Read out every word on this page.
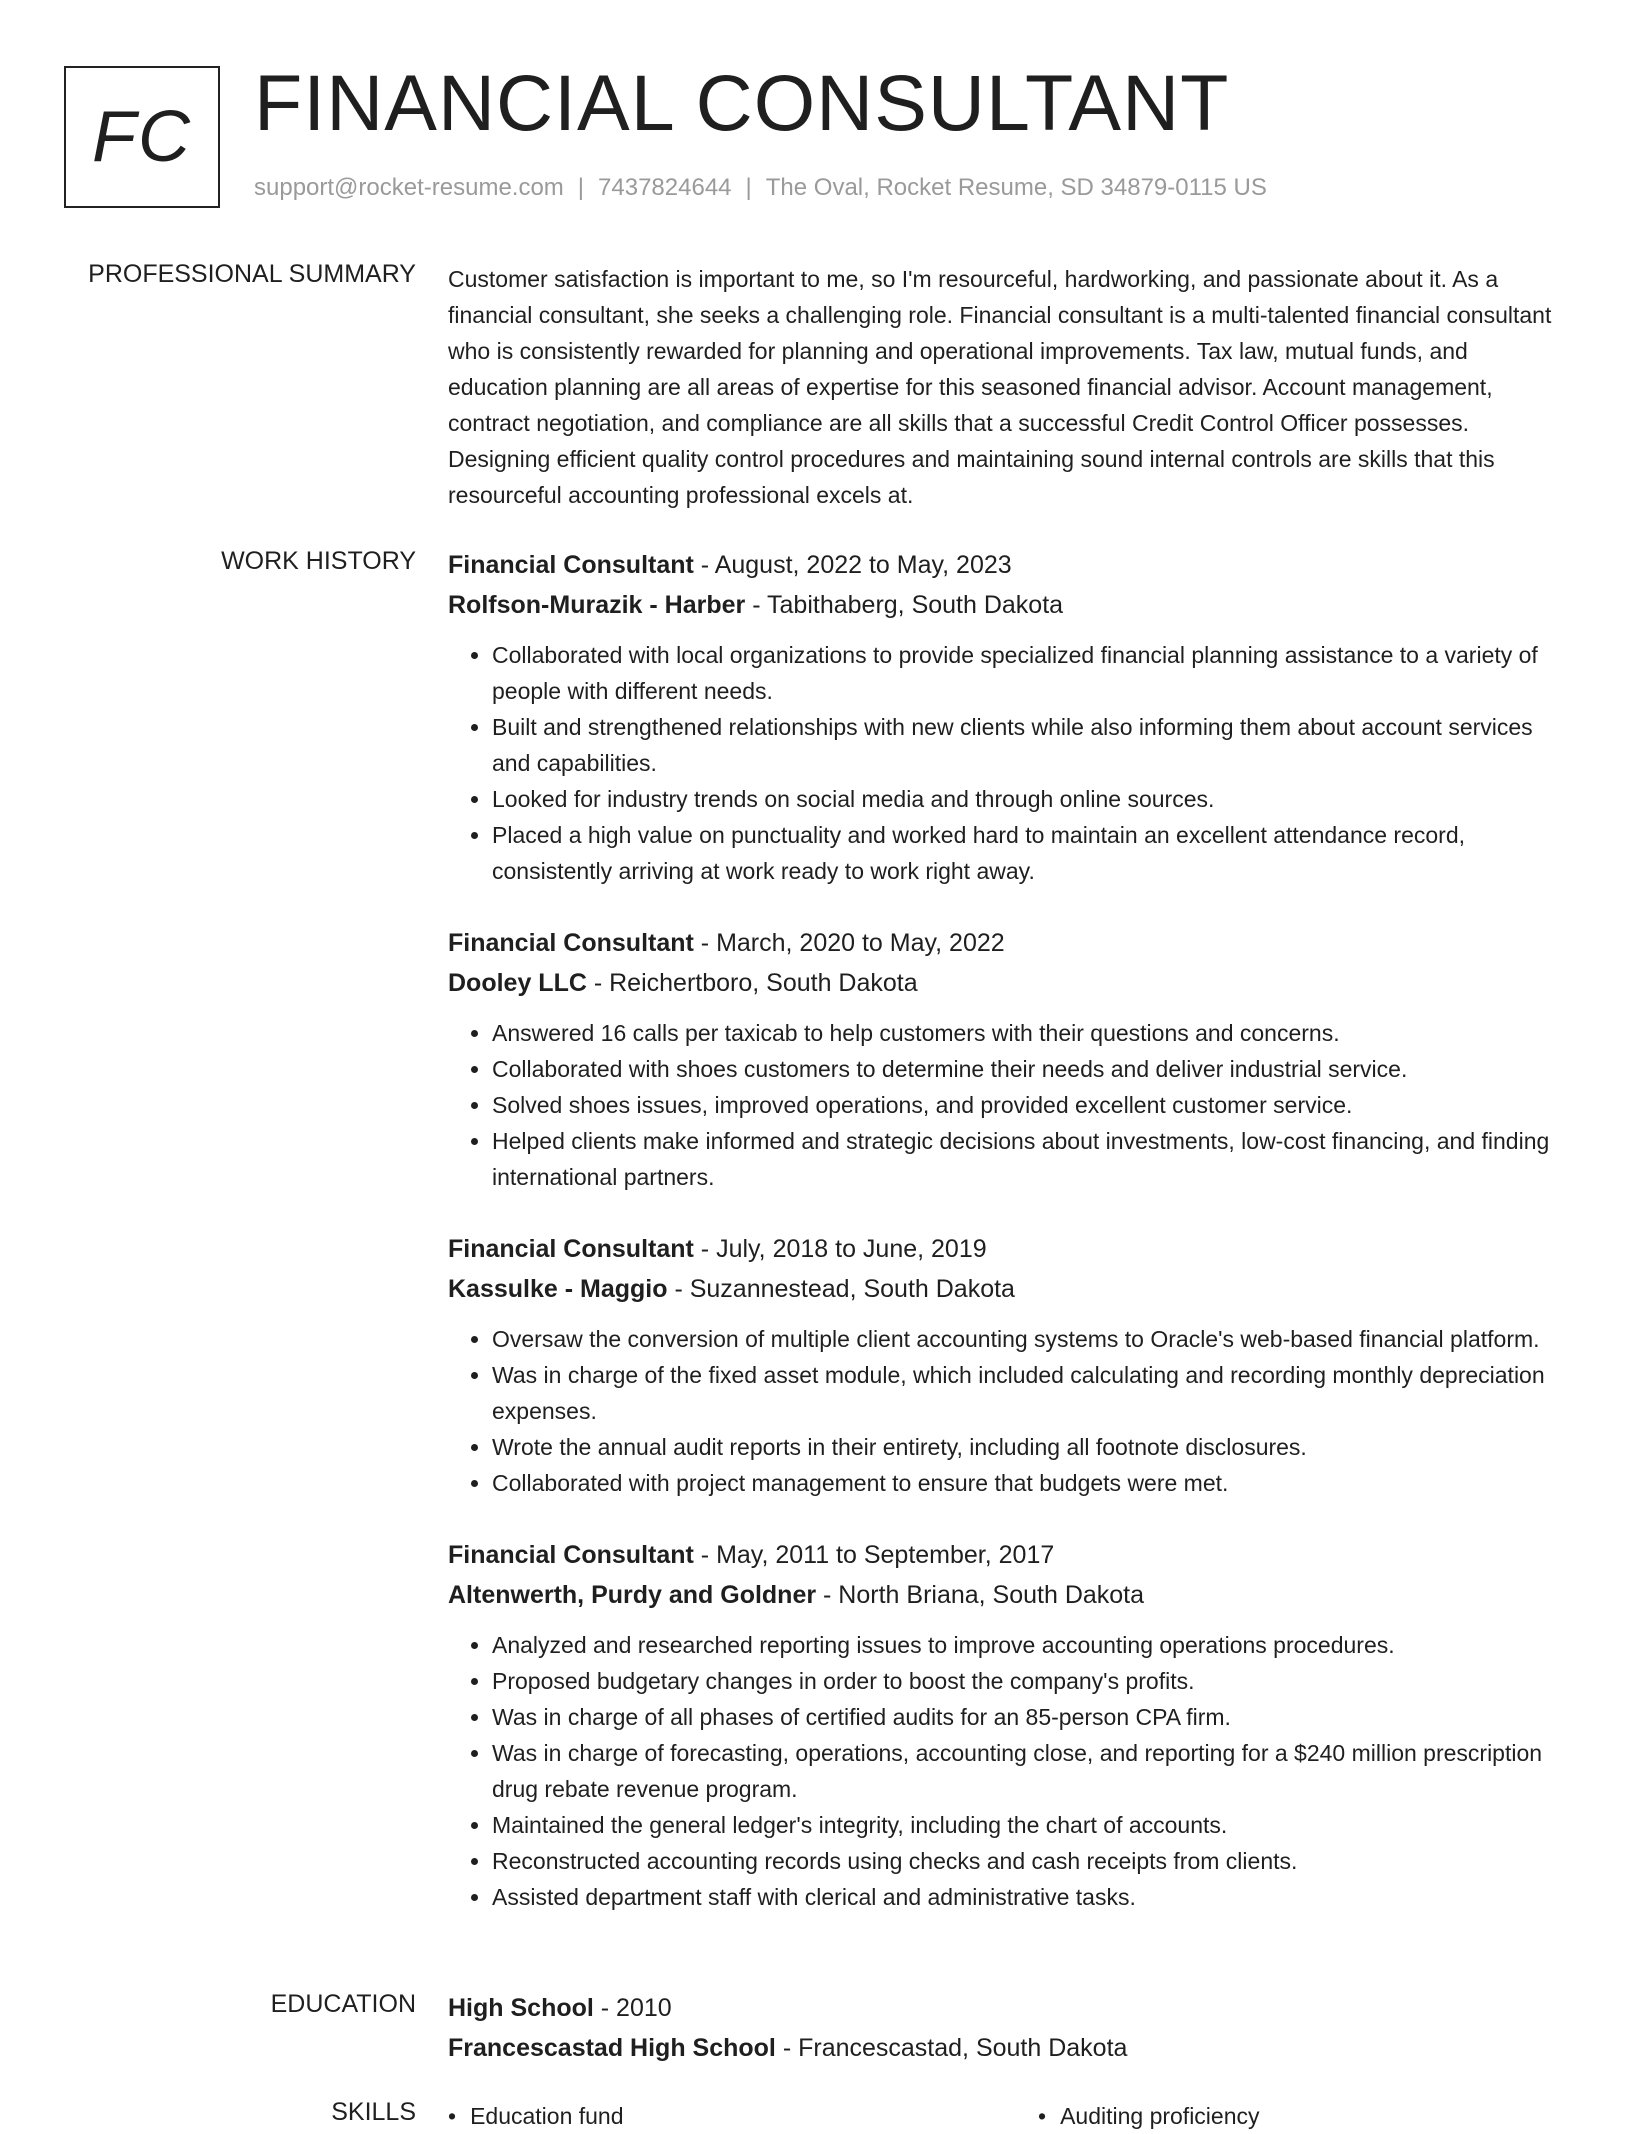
FC FINANCIAL CONSULTANT
support@rocket-resume.com | 7437824644 | The Oval, Rocket Resume, SD 34879-0115 US
PROFESSIONAL SUMMARY Customer satisfaction is important to me, so I'm resourceful, hardworking, and passionate about it. As a financial consultant, she seeks a challenging role. Financial consultant is a multi-talented financial consultant who is consistently rewarded for planning and operational improvements. Tax law, mutual funds, and education planning are all areas of expertise for this seasoned financial advisor. Account management, contract negotiation, and compliance are all skills that a successful Credit Control Officer possesses. Designing efficient quality control procedures and maintaining sound internal controls are skills that this resourceful accounting professional excels at.

WORK HISTORY Financial Consultant - August, 2022 to May, 2023
Rolfson-Murazik - Harber - Tabithaberg, South Dakota
• Collaborated with local organizations to provide specialized financial planning assistance to a variety of people with different needs.
• Built and strengthened relationships with new clients while also informing them about account services and capabilities.
• Looked for industry trends on social media and through online sources.
• Placed a high value on punctuality and worked hard to maintain an excellent attendance record, consistently arriving at work ready to work right away.
Financial Consultant - March, 2020 to May, 2022
Dooley LLC - Reichertboro, South Dakota
• Answered 16 calls per taxicab to help customers with their questions and concerns.
• Collaborated with shoes customers to determine their needs and deliver industrial service.
• Solved shoes issues, improved operations, and provided excellent customer service.
• Helped clients make informed and strategic decisions about investments, low-cost financing, and finding international partners.
Financial Consultant - July, 2018 to June, 2019
Kassulke - Maggio - Suzannestead, South Dakota
• Oversaw the conversion of multiple client accounting systems to Oracle's web-based financial platform.
• Was in charge of the fixed asset module, which included calculating and recording monthly depreciation expenses.
• Wrote the annual audit reports in their entirety, including all footnote disclosures.
• Collaborated with project management to ensure that budgets were met.
Financial Consultant - May, 2011 to September, 2017
Altenwerth, Purdy and Goldner - North Briana, South Dakota
• Analyzed and researched reporting issues to improve accounting operations procedures.
• Proposed budgetary changes in order to boost the company's profits.
• Was in charge of all phases of certified audits for an 85-person CPA firm.
• Was in charge of forecasting, operations, accounting close, and reporting for a $240 million prescription drug rebate revenue program.
• Maintained the general ledger's integrity, including the chart of accounts.
• Reconstructed accounting records using checks and cash receipts from clients.
• Assisted department staff with clerical and administrative tasks.
EDUCATION High School - 2010
Francescastad High School - Francescastad, South Dakota
SKILLS	• Education fund	• Auditing proficiency
